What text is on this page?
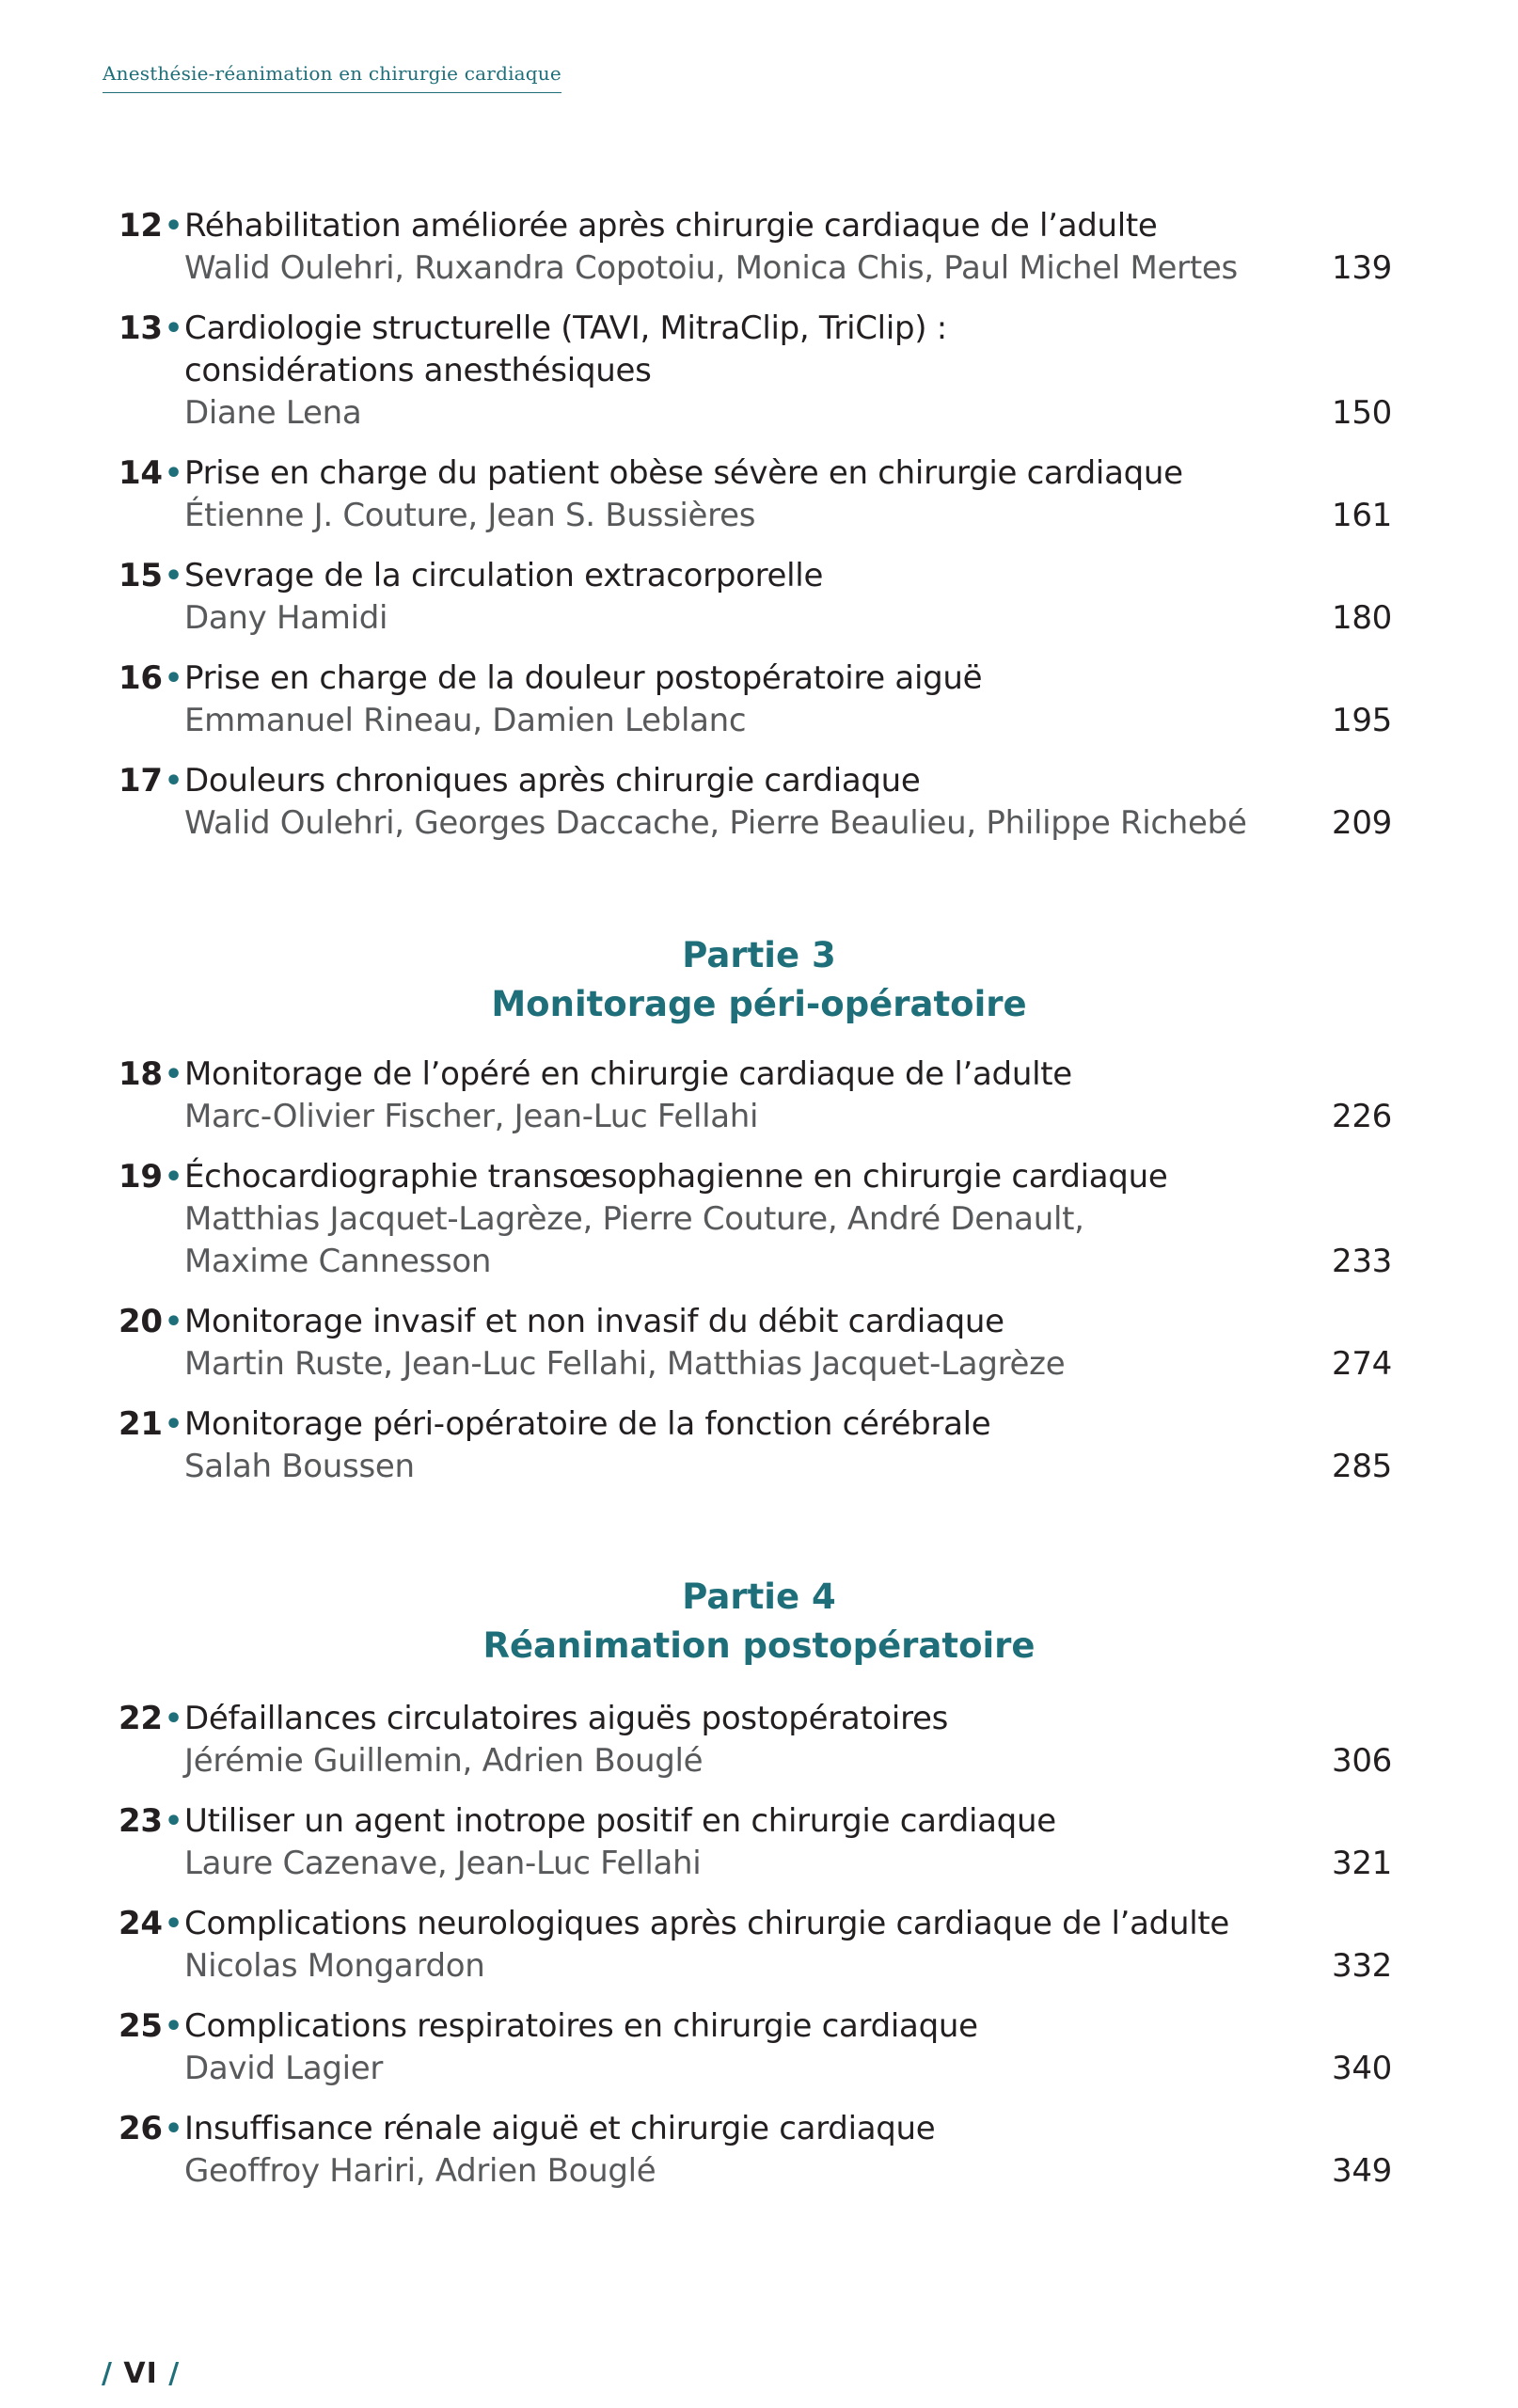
Anesthésie-réanimation en chirurgie cardiaque
12 • Réhabilitation améliorée après chirurgie cardiaque de l’adulte
Walid Oulehri, Ruxandra Copotoiu, Monica Chis, Paul Michel Mertes	139
13 • Cardiologie structurelle (TAVI, MitraClip, TriClip) :
considérations anesthésiques
Diane Lena	150
14 • Prise en charge du patient obèse sévère en chirurgie cardiaque
Étienne J. Couture, Jean S. Bussières	161
15 • Sevrage de la circulation extracorporelle
Dany Hamidi	180
16 • Prise en charge de la douleur postopératoire aiguë
Emmanuel Rineau, Damien Leblanc	195
17 • Douleurs chroniques après chirurgie cardiaque
Walid Oulehri, Georges Daccache, Pierre Beaulieu, Philippe Richebé	209
Partie 3
Monitorage péri-opératoire
18 • Monitorage de l’opéré en chirurgie cardiaque de l’adulte
Marc-Olivier Fischer, Jean-Luc Fellahi	226
19 • Échocardiographie transœsophagienne en chirurgie cardiaque
Matthias Jacquet-Lagrèze, Pierre Couture, André Denault,
Maxime Cannesson	233
20 • Monitorage invasif et non invasif du débit cardiaque
Martin Ruste, Jean-Luc Fellahi, Matthias Jacquet-Lagrèze	274
21 • Monitorage péri-opératoire de la fonction cérébrale
Salah Boussen	285
Partie 4
Réanimation postopératoire
22 • Défaillances circulatoires aiguës postopératoires
Jérémie Guillemin, Adrien Bouglé	306
23 • Utiliser un agent inotrope positif en chirurgie cardiaque
Laure Cazenave, Jean-Luc Fellahi	321
24 • Complications neurologiques après chirurgie cardiaque de l’adulte
Nicolas Mongardon	332
25 • Complications respiratoires en chirurgie cardiaque
David Lagier	340
26 • Insuffisance rénale aiguë et chirurgie cardiaque
Geoffroy Hariri, Adrien Bouglé	349
/ VI /
